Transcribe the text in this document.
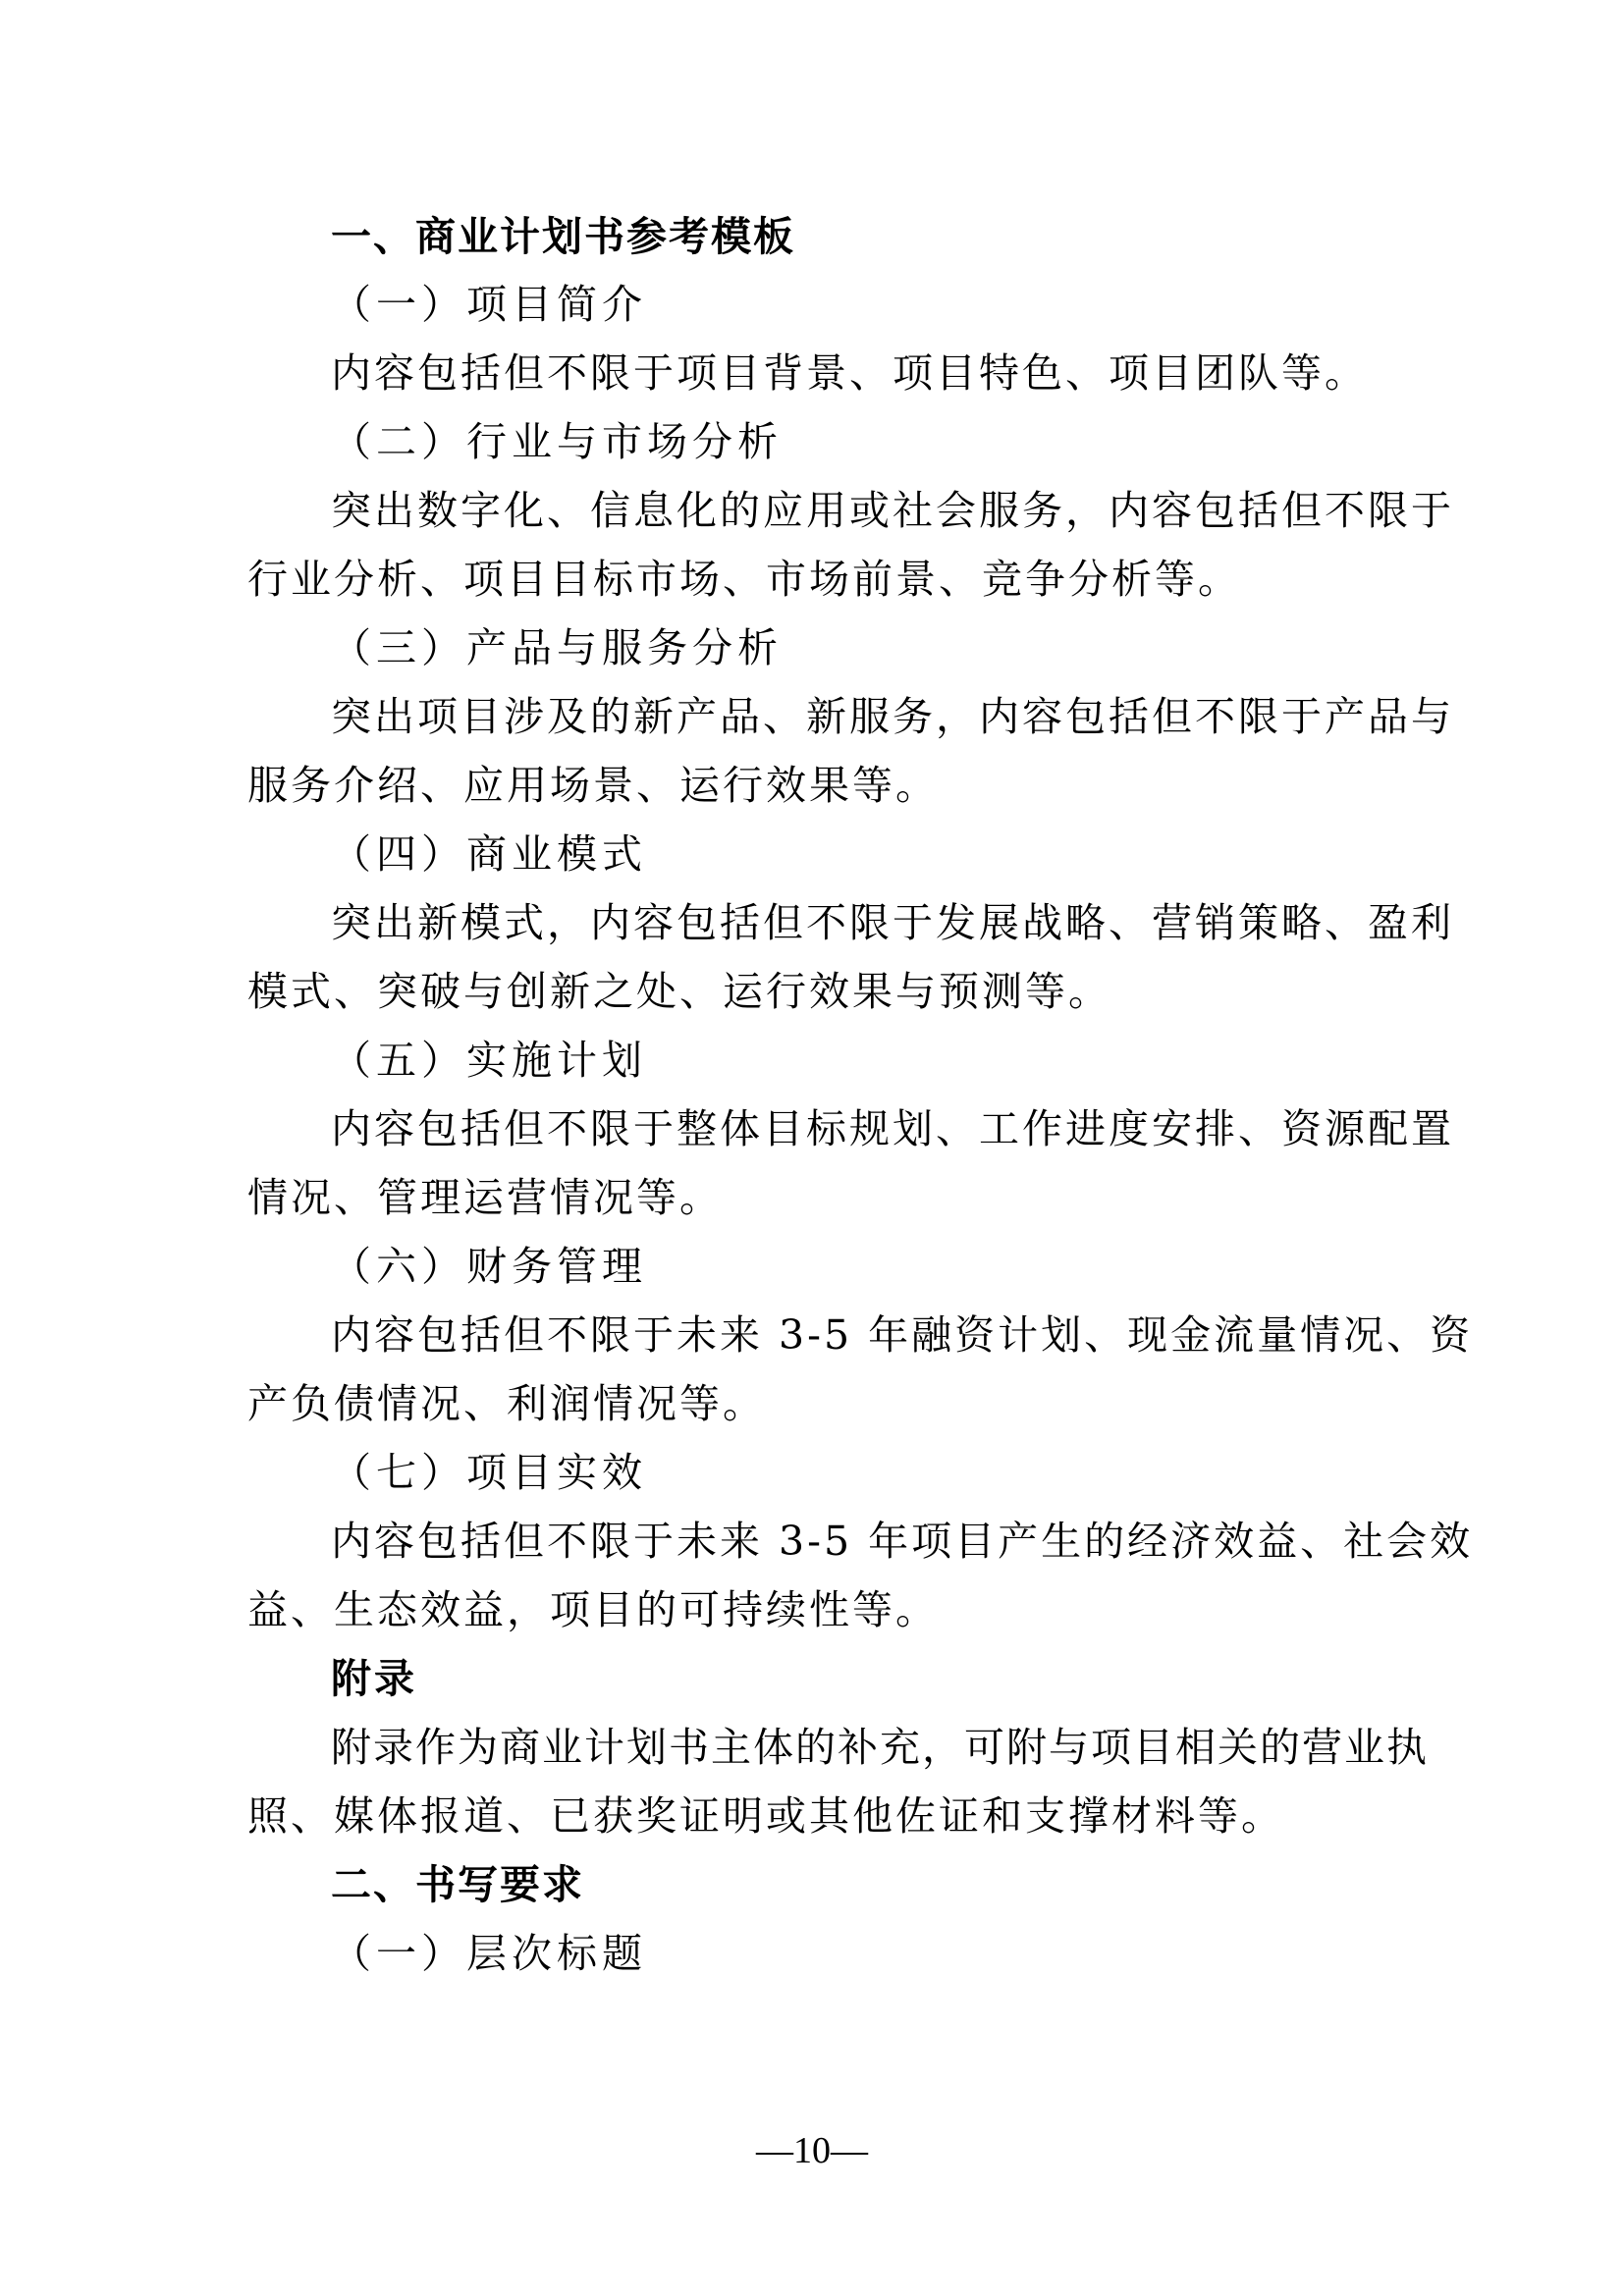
一、商业计划书参考模板
（一）项目简介
内容包括但不限于项目背景、项目特色、项目团队等。
（二）行业与市场分析
突出数字化、信息化的应用或社会服务，内容包括但不限于
行业分析、项目目标市场、市场前景、竞争分析等。
（三）产品与服务分析
突出项目涉及的新产品、新服务，内容包括但不限于产品与
服务介绍、应用场景、运行效果等。
（四）商业模式
突出新模式，内容包括但不限于发展战略、营销策略、盈利
模式、突破与创新之处、运行效果与预测等。
（五）实施计划
内容包括但不限于整体目标规划、工作进度安排、资源配置
情况、管理运营情况等。
（六）财务管理
内容包括但不限于未来 3-5 年融资计划、现金流量情况、资
产负债情况、利润情况等。
（七）项目实效
内容包括但不限于未来 3-5 年项目产生的经济效益、社会效
益、生态效益，项目的可持续性等。
附录
附录作为商业计划书主体的补充，可附与项目相关的营业执
照、媒体报道、已获奖证明或其他佐证和支撑材料等。
二、书写要求
（一）层次标题
—10—
